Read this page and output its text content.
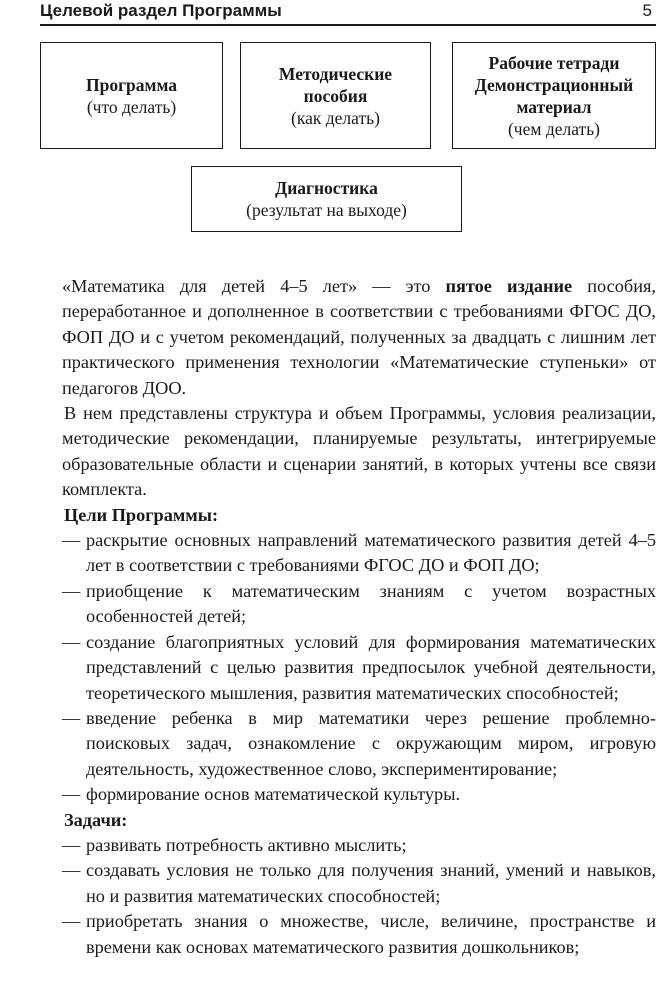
Целевой раздел Программы	5
Программа
(что делать)
Методические пособия
(как делать)
Рабочие тетради Демонстрационный материал
(чем делать)
Диагностика
(результат на выходе)

«Математика для детей 4–5 лет» — это пятое издание пособия, переработанное и дополненное в соответствии с требованиями ФГОС ДО, ФОП ДО и с учетом рекомендаций, полученных за двадцать с лишним лет практического применения технологии «Математические ступеньки» от педагогов ДОО.

В нем представлены структура и объем Программы, условия реализации, методические рекомендации, планируемые результаты, интегрируемые образовательные области и сценарии занятий, в которых учтены все связи комплекта.

Цели Программы:
— раскрытие основных направлений математического развития детей 4–5 лет в соответствии с требованиями ФГОС ДО и ФОП ДО;
— приобщение к математическим знаниям с учетом возрастных особенностей детей;
— создание благоприятных условий для формирования математических представлений с целью развития предпосылок учебной деятельности, теоретического мышления, развития математических способностей;
— введение ребенка в мир математики через решение проблемно-поисковых задач, ознакомление с окружающим миром, игровую деятельность, художественное слово, экспериментирование;
— формирование основ математической культуры.
Задачи:
— развивать потребность активно мыслить;
— создавать условия не только для получения знаний, умений и навыков, но и развития математических способностей;
— приобретать знания о множестве, числе, величине, пространстве и времени как основах математического развития дошкольников;
